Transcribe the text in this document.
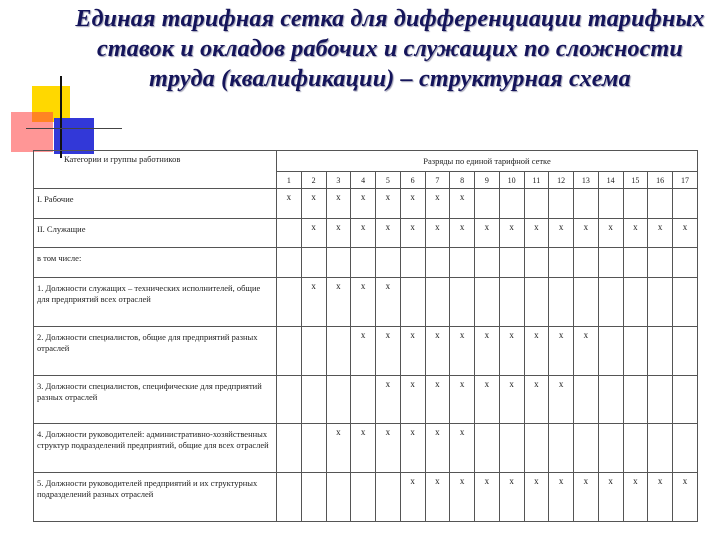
Единая тарифная сетка для дифференциации тарифных ставок и окладов рабочих и служащих по сложности труда (квалификации) – структурная схема
Категории и группы работников	Разряды по единой тарифной сетке																
	1	2	3	4	5	6	7	8	9	10	11	12	13	14	15	16	17
I. Рабочие	х	х	х	х	х	х	х	х									
II. Служащие		х	х	х	х	х	х	х	х	х	х	х	х	х	х	х	х
в том числе:																	
1. Должности служащих – технических исполнителей, общие для предприятий всех отраслей		х	х	х	х												
2. Должности специалистов, общие для предприятий разных отраслей				х	х	х	х	х	х	х	х	х	х				
3. Должности специалистов, специфические для предприятий разных отраслей					х	х	х	х	х	х	х	х					
4. Должности руководителей: административно-хозяйственных структур подразделений предприятий, общие для всех отраслей			х	х	х	х	х	х									
5. Должности руководителей предприятий и их структурных подразделений разных отраслей						х	х	х	х	х	х	х	х	х	х	х	х
